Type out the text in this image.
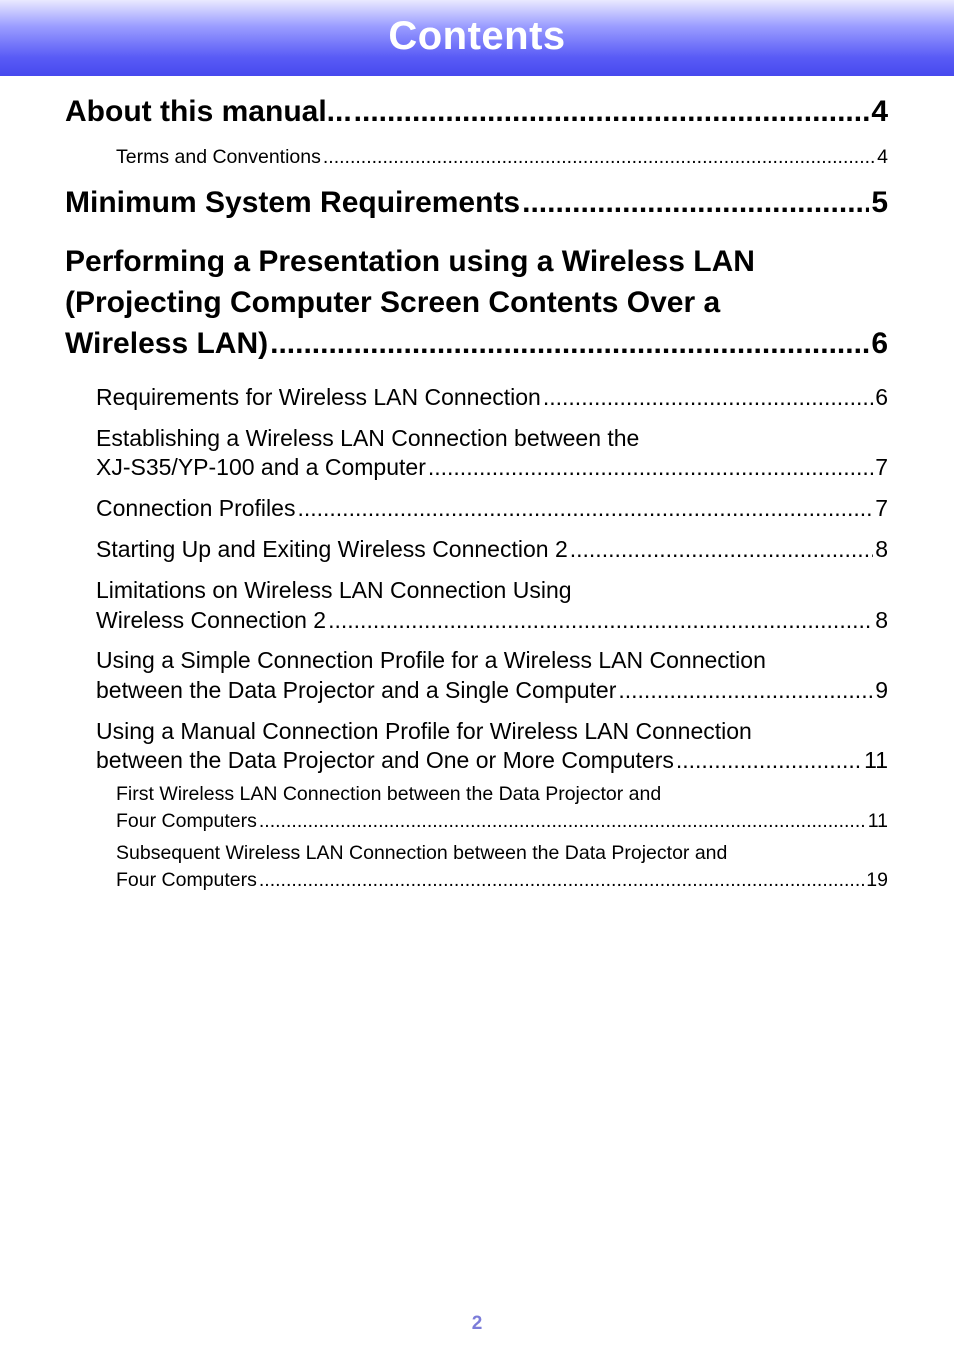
Contents
About this manual... .....	4
Terms and Conventions .....	4
Minimum System Requirements .....	5
Performing a Presentation using a Wireless LAN
(Projecting Computer Screen Contents Over a
Wireless LAN) .....	6
Requirements for Wireless LAN Connection .....	6
Establishing a Wireless LAN Connection between the
XJ-S35/YP-100 and a Computer .....	7
Connection Profiles .....	7
Starting Up and Exiting Wireless Connection 2 .....	8
Limitations on Wireless LAN Connection Using
Wireless Connection 2 .....	8
Using a Simple Connection Profile for a Wireless LAN Connection
between the Data Projector and a Single Computer .....	9
Using a Manual Connection Profile for Wireless LAN Connection
between the Data Projector and One or More Computers .....	11
First Wireless LAN Connection between the Data Projector and
Four Computers .....	11
Subsequent Wireless LAN Connection between the Data Projector and
Four Computers .....	19
2
